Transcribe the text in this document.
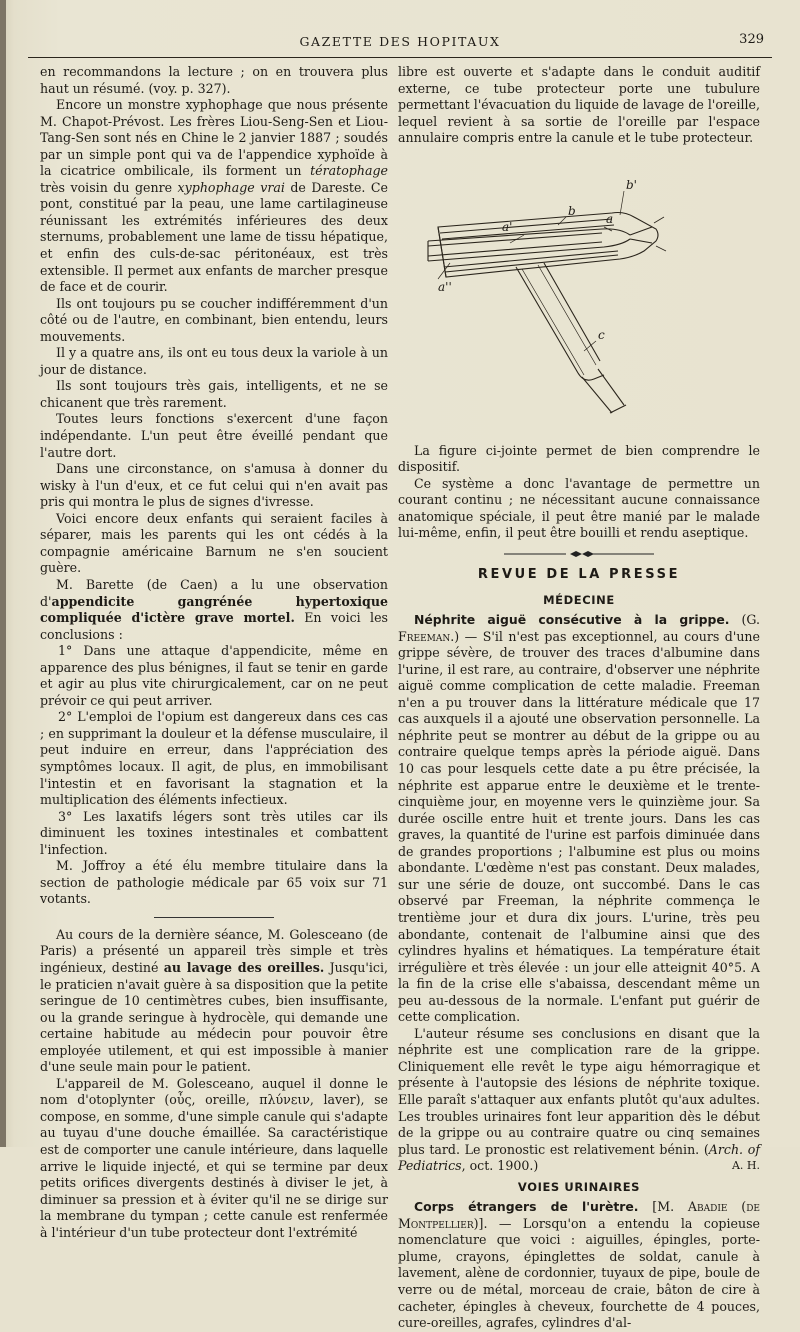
GAZETTE DES HOPITAUX	329

en recommandons la lecture ; on en trouvera plus haut un résumé. (voy. p. 327).

Encore un monstre xyphophage que nous présente M. Chapot-Prévost. Les frères Liou-Seng-Sen et Liou-Tang-Sen sont nés en Chine le 2 janvier 1887 ; soudés par un simple pont qui va de l'appendice xyphoïde à la cicatrice ombilicale, ils forment un tératophage très voisin du genre xyphophage vrai de Dareste. Ce pont, constitué par la peau, une lame cartilagineuse réunissant les extrémités inférieures des deux sternums, probablement une lame de tissu hépatique, et enfin des culs-de-sac péritonéaux, est très extensible. Il permet aux enfants de marcher presque de face et de courir.

Ils ont toujours pu se coucher indifféremment d'un côté ou de l'autre, en combinant, bien entendu, leurs mouvements.

Il y a quatre ans, ils ont eu tous deux la variole à un jour de distance.

Ils sont toujours très gais, intelligents, et ne se chicanent que très rarement.

Toutes leurs fonctions s'exercent d'une façon indépendante. L'un peut être éveillé pendant que l'autre dort.

Dans une circonstance, on s'amusa à donner du wisky à l'un d'eux, et ce fut celui qui n'en avait pas pris qui montra le plus de signes d'ivresse.

Voici encore deux enfants qui seraient faciles à séparer, mais les parents qui les ont cédés à la compagnie américaine Barnum ne s'en soucient guère.

M. Barette (de Caen) a lu une observation d'appendicite gangrénée hypertoxique compliquée d'ictère grave mortel. En voici les conclusions :

1° Dans une attaque d'appendicite, même en apparence des plus bénignes, il faut se tenir en garde et agir au plus vite chirurgicalement, car on ne peut prévoir ce qui peut arriver.

2° L'emploi de l'opium est dangereux dans ces cas ; en supprimant la douleur et la défense musculaire, il peut induire en erreur, dans l'appréciation des symptômes locaux. Il agit, de plus, en immobilisant l'intestin et en favorisant la stagnation et la multiplication des éléments infectieux.

3° Les laxatifs légers sont très utiles car ils diminuent les toxines intestinales et combattent l'infection.

M. Joffroy a été élu membre titulaire dans la section de pathologie médicale par 65 voix sur 71 votants.

Au cours de la dernière séance, M. Golesceano (de Paris) a présenté un appareil très simple et très ingénieux, destiné au lavage des oreilles. Jusqu'ici, le praticien n'avait guère à sa disposition que la petite seringue de 10 centimètres cubes, bien insuffisante, ou la grande seringue à hydrocèle, qui demande une certaine habitude au médecin pour pouvoir être employée utilement, et qui est impossible à manier d'une seule main pour le patient.

L'appareil de M. Golesceano, auquel il donne le nom d'otoplynter (οὖς, oreille, πλύνειν, laver), se compose, en somme, d'une simple canule qui s'adapte au tuyau d'une douche émaillée. Sa caractéristique est de comporter une canule intérieure, dans laquelle arrive le liquide injecté, et qui se termine par deux petits orifices divergents destinés à diviser le jet, à diminuer sa pression et à éviter qu'il ne se dirige sur la membrane du tympan ; cette canule est renfermée à l'intérieur d'un tube protecteur dont l'extrémité

libre est ouverte et s'adapte dans le conduit auditif externe, ce tube protecteur porte une tubulure permettant l'évacuation du liquide de lavage de l'oreille, lequel revient à sa sortie de l'oreille par l'espace annulaire compris entre la canule et le tube protecteur.

b'
a'
b
a
a''
c

La figure ci-jointe permet de bien comprendre le dispositif.

Ce système a donc l'avantage de permettre un courant continu ; ne nécessitant aucune connaissance anatomique spéciale, il peut être manié par le malade lui-même, enfin, il peut être bouilli et rendu aseptique.

REVUE DE LA PRESSE
MÉDECINE

Néphrite aiguë consécutive à la grippe. (G. Freeman.) — S'il n'est pas exceptionnel, au cours d'une grippe sévère, de trouver des traces d'albumine dans l'urine, il est rare, au contraire, d'observer une néphrite aiguë comme complication de cette maladie. Freeman n'en a pu trouver dans la littérature médicale que 17 cas auxquels il a ajouté une observation personnelle. La néphrite peut se montrer au début de la grippe ou au contraire quelque temps après la période aiguë. Dans 10 cas pour lesquels cette date a pu être précisée, la néphrite est apparue entre le deuxième et le trente-cinquième jour, en moyenne vers le quinzième jour. Sa durée oscille entre huit et trente jours. Dans les cas graves, la quantité de l'urine est parfois diminuée dans de grandes proportions ; l'albumine est plus ou moins abondante. L'œdème n'est pas constant. Deux malades, sur une série de douze, ont succombé. Dans le cas observé par Freeman, la néphrite commença le trentième jour et dura dix jours. L'urine, très peu abondante, contenait de l'albumine ainsi que des cylindres hyalins et hématiques. La température était irrégulière et très élevée : un jour elle atteignit 40°5. A la fin de la crise elle s'abaissa, descendant même un peu au-dessous de la normale. L'enfant put guérir de cette complication.

L'auteur résume ses conclusions en disant que la néphrite est une complication rare de la grippe. Cliniquement elle revêt le type aigu hémorragique et présente à l'autopsie des lésions de néphrite toxique. Elle paraît s'attaquer aux enfants plutôt qu'aux adultes. Les troubles urinaires font leur apparition dès le début de la grippe ou au contraire quatre ou cinq semaines plus tard. Le pronostic est relativement bénin. (Arch. of Pediatrics, oct. 1900.)	A. H.

VOIES URINAIRES

Corps étrangers de l'urètre. [M. Abadie (de Montpellier)]. — Lorsqu'on a entendu la copieuse nomenclature que voici : aiguilles, épingles, porte-plume, crayons, épinglettes de soldat, canule à lavement, alène de cordonnier, tuyaux de pipe, boule de verre ou de métal, morceau de craie, bâton de cire à cacheter, épingles à cheveux, fourchette de 4 pouces, cure-oreilles, agrafes, cylindres d'al-
